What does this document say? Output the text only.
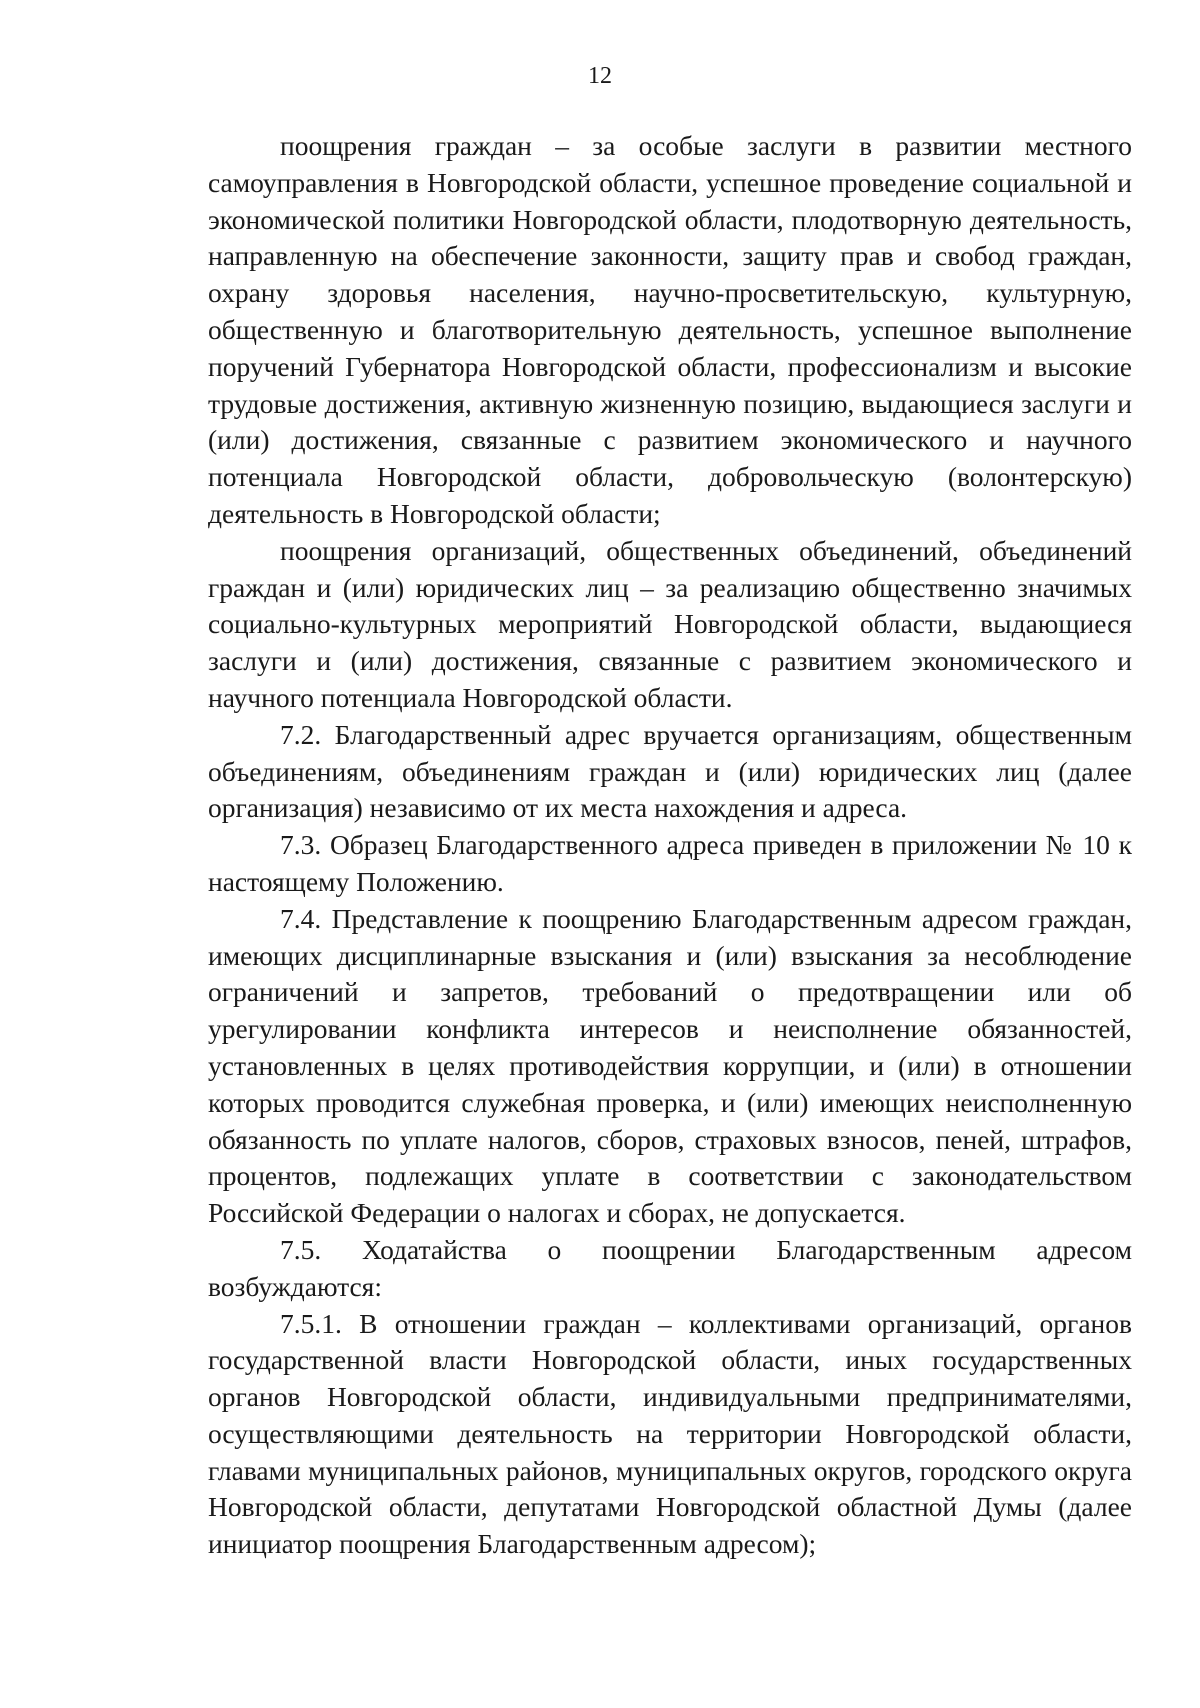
12

поощрения граждан – за особые заслуги в развитии местного самоуправления в Новгородской области, успешное проведение социальной и экономической политики Новгородской области, плодотворную деятельность, направленную на обеспечение законности, защиту прав и свобод граждан, охрану здоровья населения, научно-просветительскую, культурную, общественную и благотворительную деятельность, успешное выполнение поручений Губернатора Новгородской области, профессионализм и высокие трудовые достижения, активную жизненную позицию, выдающиеся заслуги и (или) достижения, связанные с развитием экономического и научного потенциала Новгородской области, добровольческую (волонтерскую) деятельность в Новгородской области;

поощрения организаций, общественных объединений, объединений граждан и (или) юридических лиц – за реализацию общественно значимых социально-культурных мероприятий Новгородской области, выдающиеся заслуги и (или) достижения, связанные с развитием экономического и научного потенциала Новгородской области.

7.2. Благодарственный адрес вручается организациям, общественным объединениям, объединениям граждан и (или) юридических лиц (далее организация) независимо от их места нахождения и адреса.

7.3. Образец Благодарственного адреса приведен в приложении № 10 к настоящему Положению.

7.4. Представление к поощрению Благодарственным адресом граждан, имеющих дисциплинарные взыскания и (или) взыскания за несоблюдение ограничений и запретов, требований о предотвращении или об урегулировании конфликта интересов и неисполнение обязанностей, установленных в целях противодействия коррупции, и (или) в отношении которых проводится служебная проверка, и (или) имеющих неисполненную обязанность по уплате налогов, сборов, страховых взносов, пеней, штрафов, процентов, подлежащих уплате в соответствии с законодательством Российской Федерации о налогах и сборах, не допускается.

7.5. Ходатайства о поощрении Благодарственным адресом возбуждаются:

7.5.1. В отношении граждан – коллективами организаций, органов государственной власти Новгородской области, иных государственных органов Новгородской области, индивидуальными предпринимателями, осуществляющими деятельность на территории Новгородской области, главами муниципальных районов, муниципальных округов, городского округа Новгородской области, депутатами Новгородской областной Думы (далее инициатор поощрения Благодарственным адресом);
